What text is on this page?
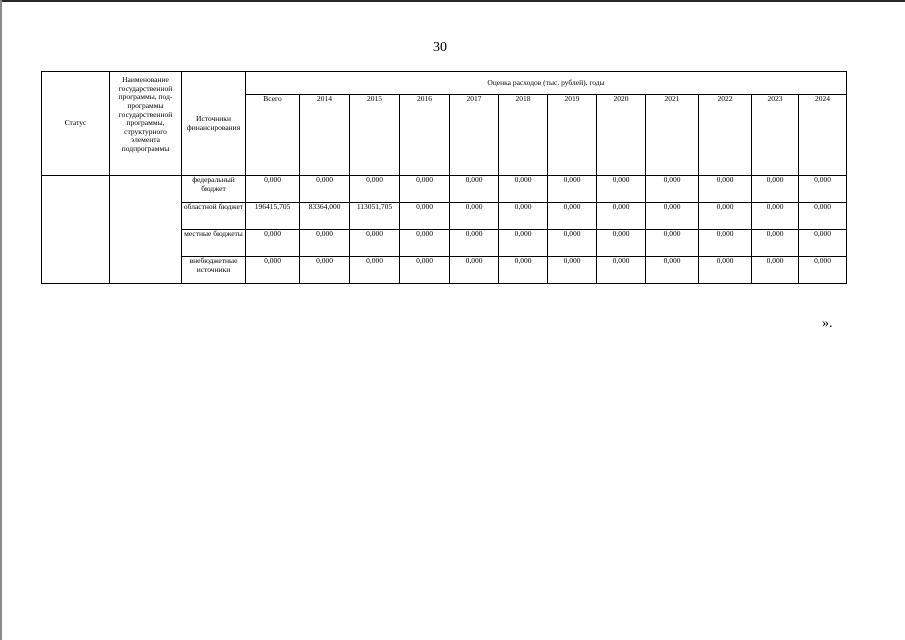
30
Статус	Наименование государственной программы, под-программы государственной программы, структурного элемента подпрограммы	Источники финансирования	Оценка расходов (тыс. рублей), годы											
			Всего	2014	2015	2016	2017	2018	2019	2020	2021	2022	2023	2024
		федеральный бюджет	0,000	0,000	0,000	0,000	0,000	0,000	0,000	0,000	0,000	0,000	0,000	0,000
		областной бюджет	196415,705	83364,000	113051,705	0,000	0,000	0,000	0,000	0,000	0,000	0,000	0,000	0,000
		местные бюджеты	0,000	0,000	0,000	0,000	0,000	0,000	0,000	0,000	0,000	0,000	0,000	0,000
		внебюджетные источники	0,000	0,000	0,000	0,000	0,000	0,000	0,000	0,000	0,000	0,000	0,000	0,000
».
